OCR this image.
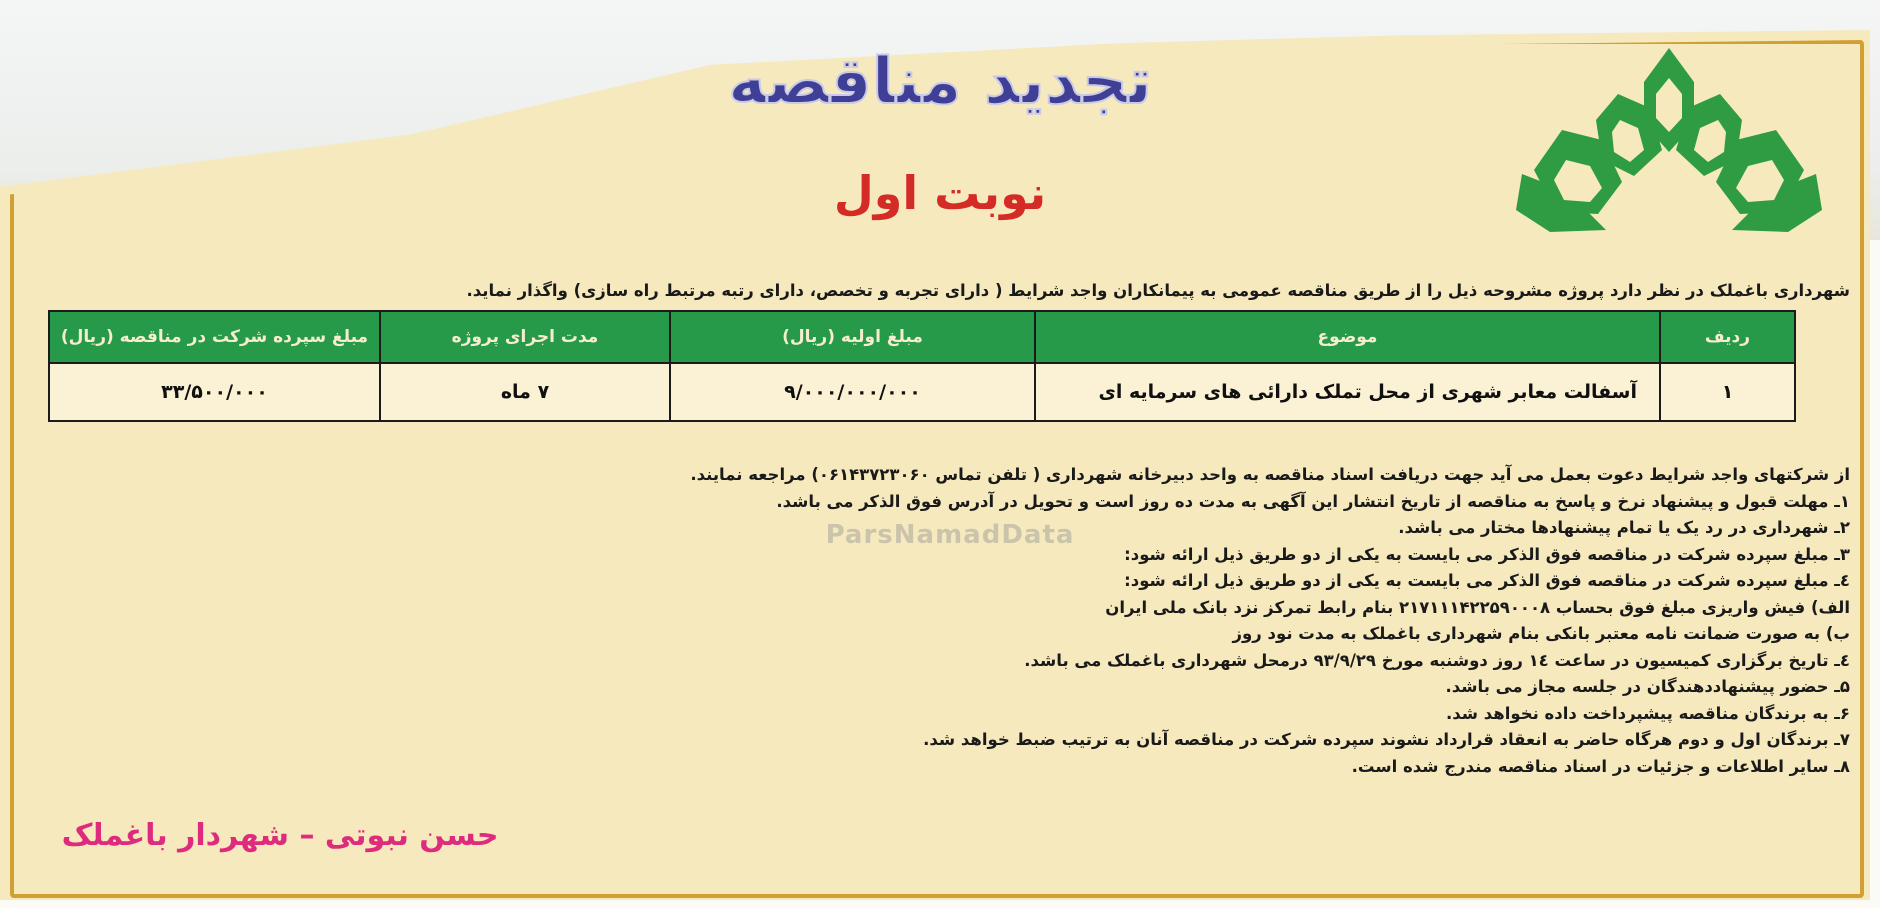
تجدید مناقصه
نوبت اول
شهرداری باغملک در نظر دارد پروژه مشروحه ذیل را از طریق مناقصه عمومی به پیمانکاران واجد شرایط ( دارای تجربه و تخصص، دارای رتبه مرتبط راه سازی) واگذار نماید.
ردیف	موضوع	مبلغ اولیه (ریال)	مدت اجرای پروژه	مبلغ سپرده شرکت در مناقصه (ریال)
۱	آسفالت معابر شهری از محل تملک دارائی های سرمایه ای	۹/۰۰۰/۰۰۰/۰۰۰	۷ ماه	۳۳/۵۰۰/۰۰۰
از شرکتهای واجد شرایط دعوت بعمل می آید جهت دریافت اسناد مناقصه به واحد دبیرخانه شهرداری ( تلفن تماس ۰۶۱۴۳۷۲۳۰۶۰) مراجعه نمایند.
۱ـ مهلت قبول و پیشنهاد نرخ و پاسخ به مناقصه از تاریخ انتشار این آگهی به مدت ده روز است و تحویل در آدرس فوق الذکر می باشد.
۲ـ شهرداری در رد یک یا تمام پیشنهادها مختار می باشد.
۳ـ مبلغ سپرده شرکت در مناقصه فوق الذکر می بایست به یکی از دو طریق ذیل ارائه شود:
٤ـ مبلغ سپرده شرکت در مناقصه فوق الذکر می بایست به یکی از دو طریق ذیل ارائه شود:
الف) فیش واریزی مبلغ فوق بحساب ۲۱۷۱۱۱۴۲۲۵۹۰۰۰۸ بنام رابط تمرکز نزد بانک ملی ایران
ب) به صورت ضمانت نامه معتبر بانکی بنام شهرداری باغملک به مدت نود روز
٤ـ تاریخ برگزاری کمیسیون در ساعت ۱٤ روز دوشنبه مورخ ۹۳/۹/۲۹ درمحل شهرداری باغملک می باشد.
۵ـ حضور پیشنهاددهندگان در جلسه مجاز می باشد.
۶ـ به برندگان مناقصه پیشپرداخت داده نخواهد شد.
۷ـ برندگان اول و دوم هرگاه حاضر به انعقاد قرارداد نشوند سپرده شرکت در مناقصه آنان به ترتیب ضبط خواهد شد.
۸ـ سایر اطلاعات و جزئیات در اسناد مناقصه مندرج شده است.
ParsNamadData
حسن نبوتی – شهردار باغملک
